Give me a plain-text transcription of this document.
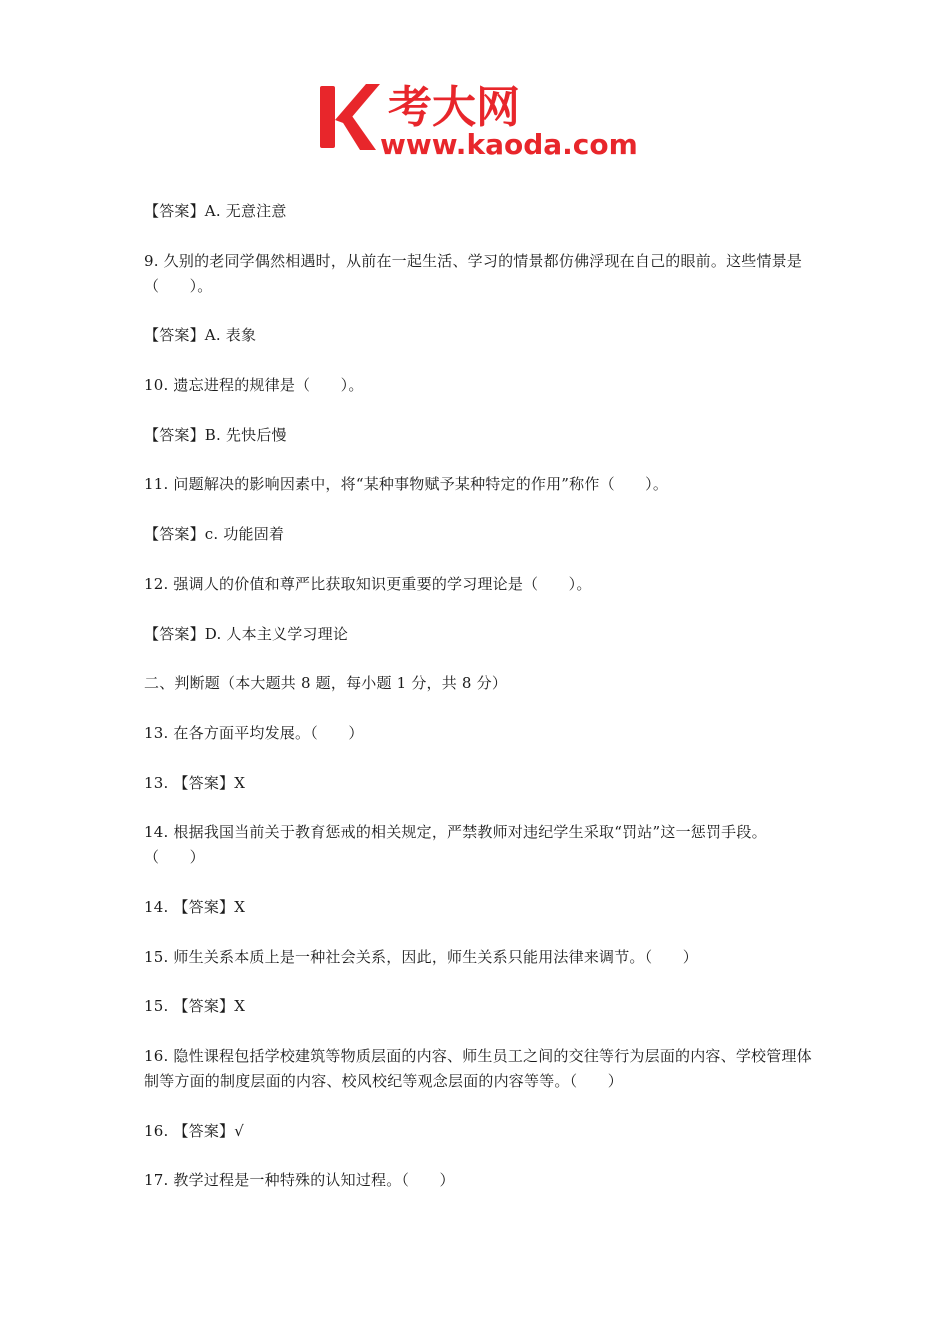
考大网
www.kaoda.com

【答案】A. 无意注意

9. 久别的老同学偶然相遇时，从前在一起生活、学习的情景都仿佛浮现在自己的眼前。这些情景是（　　）。

【答案】A. 表象

10. 遗忘进程的规律是（　　）。

【答案】B. 先快后慢

11. 问题解决的影响因素中，将“某种事物赋予某种特定的作用”称作（　　）。

【答案】c. 功能固着

12. 强调人的价值和尊严比获取知识更重要的学习理论是（　　）。

【答案】D. 人本主义学习理论

二、判断题（本大题共 8 题，每小题 1 分，共 8 分）

13. 在各方面平均发展。（　　）

13. 【答案】X

14. 根据我国当前关于教育惩戒的相关规定，严禁教师对违纪学生采取“罚站”这一惩罚手段。（　　）

14. 【答案】X

15. 师生关系本质上是一种社会关系，因此，师生关系只能用法律来调节。（　　）

15. 【答案】X

16. 隐性课程包括学校建筑等物质层面的内容、师生员工之间的交往等行为层面的内容、学校管理体制等方面的制度层面的内容、校风校纪等观念层面的内容等等。（　　）

16. 【答案】√

17. 教学过程是一种特殊的认知过程。（　　）
